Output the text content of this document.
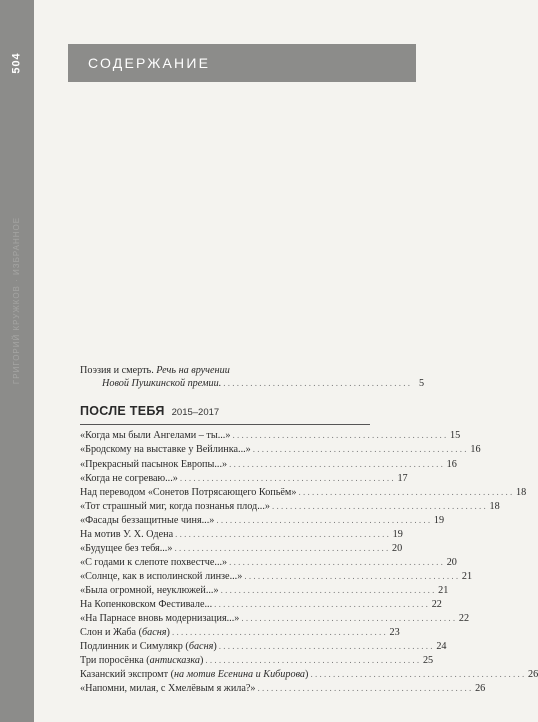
504
ГРИГОРИЙ КРУЖКОВ · ИЗБРАННОЕ
СОДЕРЖАНИЕ
Поэзия и смерть. Речь на вручении
Новой Пушкинской премии. . . . . . . . . . . . . . . . . . . . . . . . . . . . . . . . . . . . . . . . . . . 5
ПОСЛЕ ТЕБЯ 2015–2017
«Когда мы были Ангелами – ты...» . . . . . . . . . . . . . . . . . . . . . . . . . . . . . . . . . . . . . . . . . . . . . . . . 15
«Бродскому на выставке у Вейлинка...» . . . . . . . . . . . . . . . . . . . . . . . . . . . . . . . . . . . . . . . . . . . . . . . . 16
«Прекрасный пасынок Европы...» . . . . . . . . . . . . . . . . . . . . . . . . . . . . . . . . . . . . . . . . . . . . . . . . 16
«Когда не согреваю...» . . . . . . . . . . . . . . . . . . . . . . . . . . . . . . . . . . . . . . . . . . . . . . . . 17
Над переводом «Сонетов Потрясающего Копьём» . . . . . . . . . . . . . . . . . . . . . . . . . . . . . . . . . . . . . . . . . . . . . . . . 18
«Тот страшный миг, когда познанья плод...» . . . . . . . . . . . . . . . . . . . . . . . . . . . . . . . . . . . . . . . . . . . . . . . . 18
«Фасады беззащитные чиня...» . . . . . . . . . . . . . . . . . . . . . . . . . . . . . . . . . . . . . . . . . . . . . . . . 19
На мотив У. Х. Одена . . . . . . . . . . . . . . . . . . . . . . . . . . . . . . . . . . . . . . . . . . . . . . . . 19
«Будущее без тебя...» . . . . . . . . . . . . . . . . . . . . . . . . . . . . . . . . . . . . . . . . . . . . . . . . 20
«С годами к слепоте похвестче...» . . . . . . . . . . . . . . . . . . . . . . . . . . . . . . . . . . . . . . . . . . . . . . . . 20
«Солнце, как в исполинской линзе...» . . . . . . . . . . . . . . . . . . . . . . . . . . . . . . . . . . . . . . . . . . . . . . . . 21
«Была огромной, неуклюжей...» . . . . . . . . . . . . . . . . . . . . . . . . . . . . . . . . . . . . . . . . . . . . . . . . 21
На Копенковском Фестивале... . . . . . . . . . . . . . . . . . . . . . . . . . . . . . . . . . . . . . . . . . . . . . . . . 22
«На Парнасе вновь модернизация...» . . . . . . . . . . . . . . . . . . . . . . . . . . . . . . . . . . . . . . . . . . . . . . . . 22
Слон и Жаба (басня) . . . . . . . . . . . . . . . . . . . . . . . . . . . . . . . . . . . . . . . . . . . . . . . . 23
Подлинник и Симулякр (басня) . . . . . . . . . . . . . . . . . . . . . . . . . . . . . . . . . . . . . . . . . . . . . . . . 24
Три поросёнка (антисказка) . . . . . . . . . . . . . . . . . . . . . . . . . . . . . . . . . . . . . . . . . . . . . . . . 25
Казанский экспромт (на мотив Есенина и Кибирова) . . . . . . . . . . . . . . . . . . . . . . . . . . . . . . . . . . . . . . . . . . . . . . . . 26
«Напомни, милая, с Хмелёвым я жила?» . . . . . . . . . . . . . . . . . . . . . . . . . . . . . . . . . . . . . . . . . . . . . . . . 26
